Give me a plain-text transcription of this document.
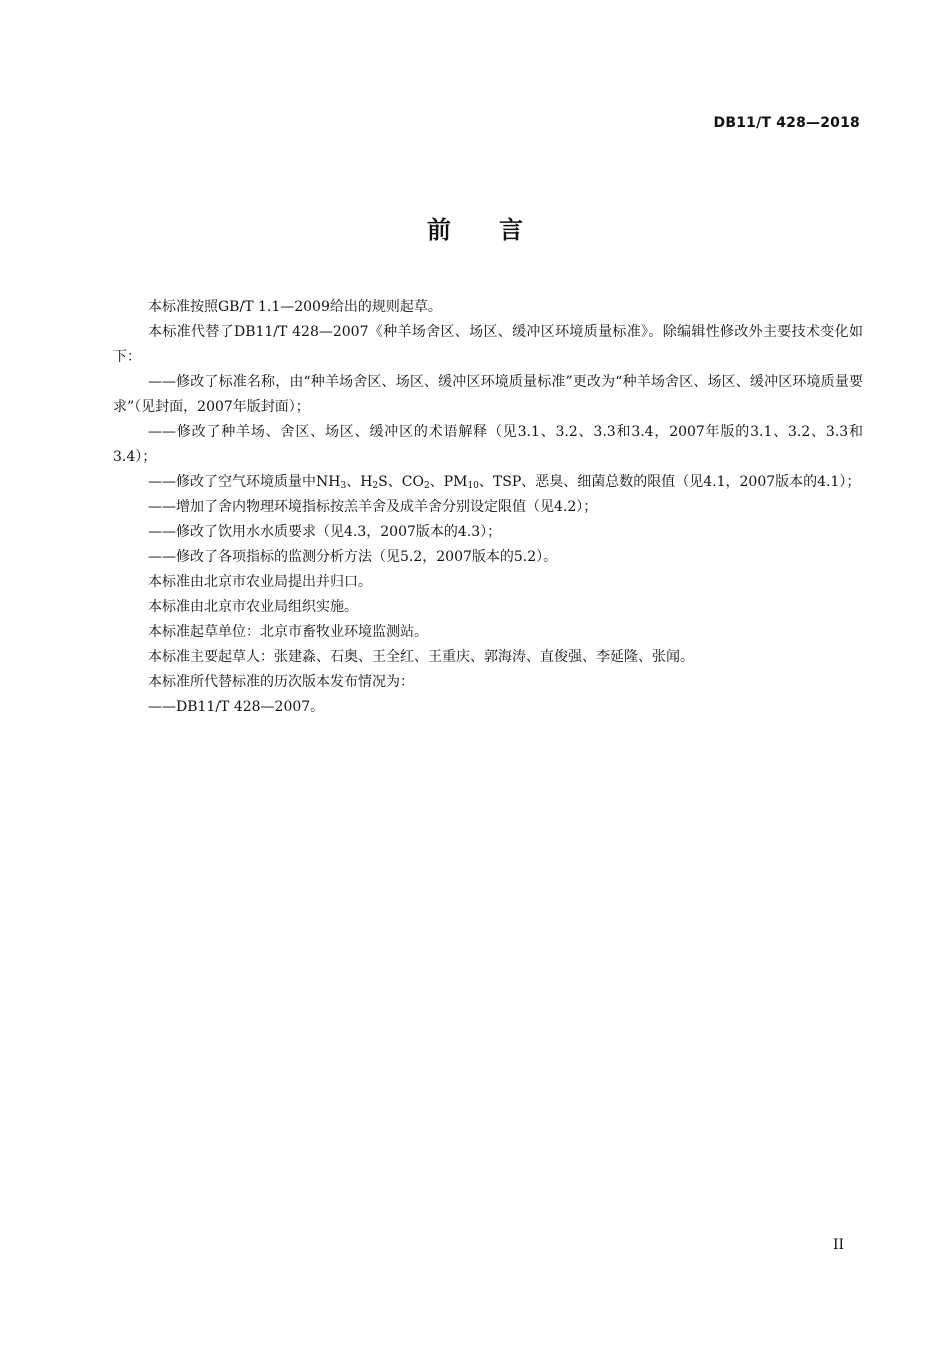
DB11/T 428—2018
前 言

本标准按照GB/T 1.1—2009给出的规则起草。

本标准代替了DB11/T 428—2007《种羊场舍区、场区、缓冲区环境质量标准》。除编辑性修改外主要技术变化如下：

——修改了标准名称，由“种羊场舍区、场区、缓冲区环境质量标准”更改为“种羊场舍区、场区、缓冲区环境质量要求”（见封面，2007年版封面）；

——修改了种羊场、舍区、场区、缓冲区的术语解释（见3.1、3.2、3.3和3.4，2007年版的3.1、3.2、3.3和3.4）；

——修改了空气环境质量中$NH_3$、$H_2S$、$CO_2$、$PM_{10}$、TSP、恶臭、细菌总数的限值（见4.1，2007版本的4.1）；

——增加了舍内物理环境指标按羔羊舍及成羊舍分别设定限值（见4.2）；

——修改了饮用水水质要求（见4.3，2007版本的4.3）；

——修改了各项指标的监测分析方法（见5.2，2007版本的5.2）。

本标准由北京市农业局提出并归口。

本标准由北京市农业局组织实施。

本标准起草单位：北京市畜牧业环境监测站。

本标准主要起草人：张建淼、石奥、王全红、王重庆、郭海涛、直俊强、李延隆、张闻。

本标准所代替标准的历次版本发布情况为：

——DB11/T 428—2007。

II
